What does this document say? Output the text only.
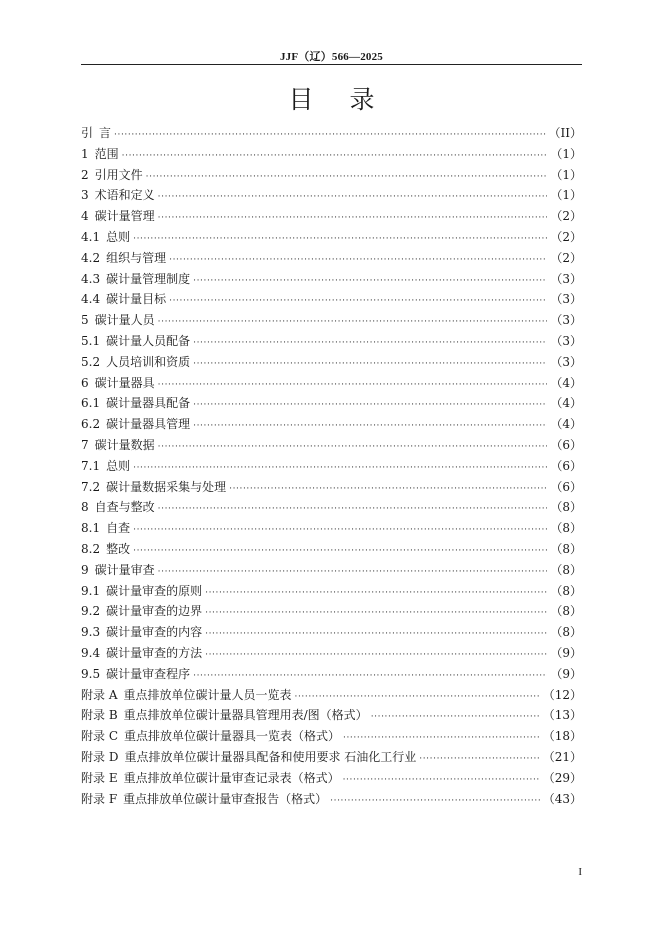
JJF（辽）566—2025
目 录
引 言 ·····	（II）
1 范围 ·····	（1）
2 引用文件 ·····	（1）
3 术语和定义 ·····	（1）
4 碳计量管理 ·····	（2）
4.1 总则 ·····	（2）
4.2 组织与管理 ·····	（2）
4.3 碳计量管理制度 ·····	（3）
4.4 碳计量目标 ·····	（3）
5 碳计量人员 ·····	（3）
5.1 碳计量人员配备 ·····	（3）
5.2 人员培训和资质 ·····	（3）
6 碳计量器具 ·····	（4）
6.1 碳计量器具配备 ·····	（4）
6.2 碳计量器具管理 ·····	（4）
7 碳计量数据 ·····	（6）
7.1 总则 ·····	（6）
7.2 碳计量数据采集与处理 ·····	（6）
8 自查与整改 ·····	（8）
8.1 自查 ·····	（8）
8.2 整改 ·····	（8）
9 碳计量审查 ·····	（8）
9.1 碳计量审查的原则 ·····	（8）
9.2 碳计量审查的边界 ·····	（8）
9.3 碳计量审查的内容 ·····	（8）
9.4 碳计量审查的方法 ·····	（9）
9.5 碳计量审查程序 ·····	（9）
附录 A 重点排放单位碳计量人员一览表 ·····	（12）
附录 B 重点排放单位碳计量器具管理用表/图（格式） ·····	（13）
附录 C 重点排放单位碳计量器具一览表（格式） ·····	（18）
附录 D 重点排放单位碳计量器具配备和使用要求 石油化工行业 ·····	（21）
附录 E 重点排放单位碳计量审查记录表（格式） ·····	（29）
附录 F 重点排放单位碳计量审查报告（格式） ·····	（43）
I
